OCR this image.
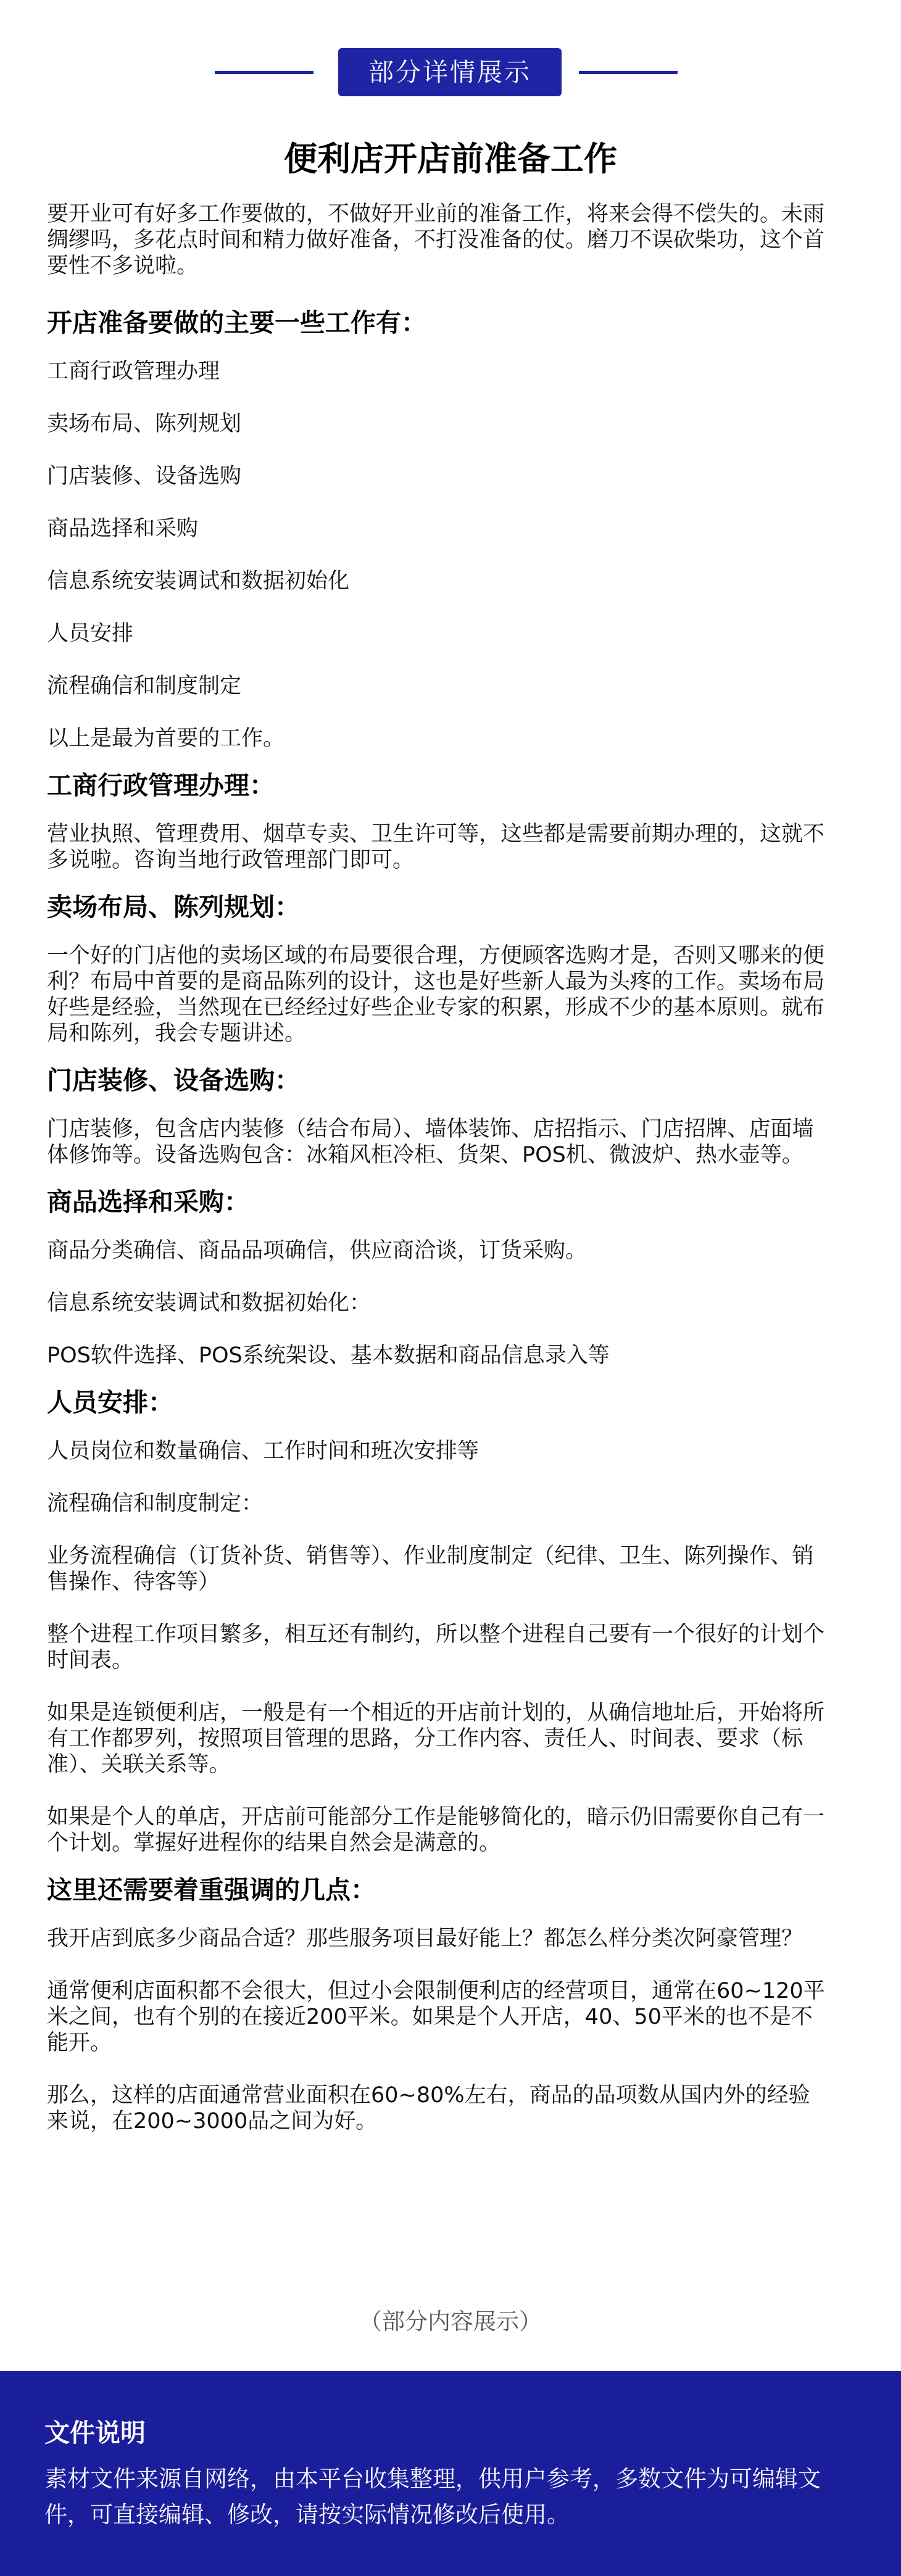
部分详情展示
便利店开店前准备工作

要开业可有好多工作要做的，不做好开业前的准备工作，将来会得不偿失的。未雨绸缪吗，多花点时间和精力做好准备，不打没准备的仗。磨刀不误砍柴功，这个首要性不多说啦。

开店准备要做的主要一些工作有：

工商行政管理办理

卖场布局、陈列规划

门店装修、设备选购

商品选择和采购

信息系统安装调试和数据初始化

人员安排

流程确信和制度制定

以上是最为首要的工作。

工商行政管理办理：

营业执照、管理费用、烟草专卖、卫生许可等，这些都是需要前期办理的，这就不多说啦。咨询当地行政管理部门即可。

卖场布局、陈列规划：

一个好的门店他的卖场区域的布局要很合理，方便顾客选购才是，否则又哪来的便利？布局中首要的是商品陈列的设计，这也是好些新人最为头疼的工作。卖场布局好些是经验，当然现在已经经过好些企业专家的积累，形成不少的基本原则。就布局和陈列，我会专题讲述。

门店装修、设备选购：

门店装修，包含店内装修（结合布局）、墙体装饰、店招指示、门店招牌、店面墙体修饰等。设备选购包含：冰箱风柜冷柜、货架、POS机、微波炉、热水壶等。

商品选择和采购：

商品分类确信、商品品项确信，供应商洽谈，订货采购。

信息系统安装调试和数据初始化：

POS软件选择、POS系统架设、基本数据和商品信息录入等

人员安排：

人员岗位和数量确信、工作时间和班次安排等

流程确信和制度制定：

业务流程确信（订货补货、销售等）、作业制度制定（纪律、卫生、陈列操作、销售操作、待客等）

整个进程工作项目繁多，相互还有制约，所以整个进程自己要有一个很好的计划个时间表。

如果是连锁便利店，一般是有一个相近的开店前计划的，从确信地址后，开始将所有工作都罗列，按照项目管理的思路，分工作内容、责任人、时间表、要求（标准）、关联关系等。

如果是个人的单店，开店前可能部分工作是能够简化的，暗示仍旧需要你自己有一个计划。掌握好进程你的结果自然会是满意的。

这里还需要着重强调的几点：

我开店到底多少商品合适？那些服务项目最好能上？都怎么样分类次阿豪管理？

通常便利店面积都不会很大，但过小会限制便利店的经营项目，通常在60~120平米之间，也有个别的在接近200平米。如果是个人开店，40、50平米的也不是不能开。

那么，这样的店面通常营业面积在60~80%左右，商品的品项数从国内外的经验来说，在200~3000品之间为好。

（部分内容展示）
文件说明
素材文件来源自网络，由本平台收集整理，供用户参考，多数文件为可编辑文件，可直接编辑、修改，请按实际情况修改后使用。
